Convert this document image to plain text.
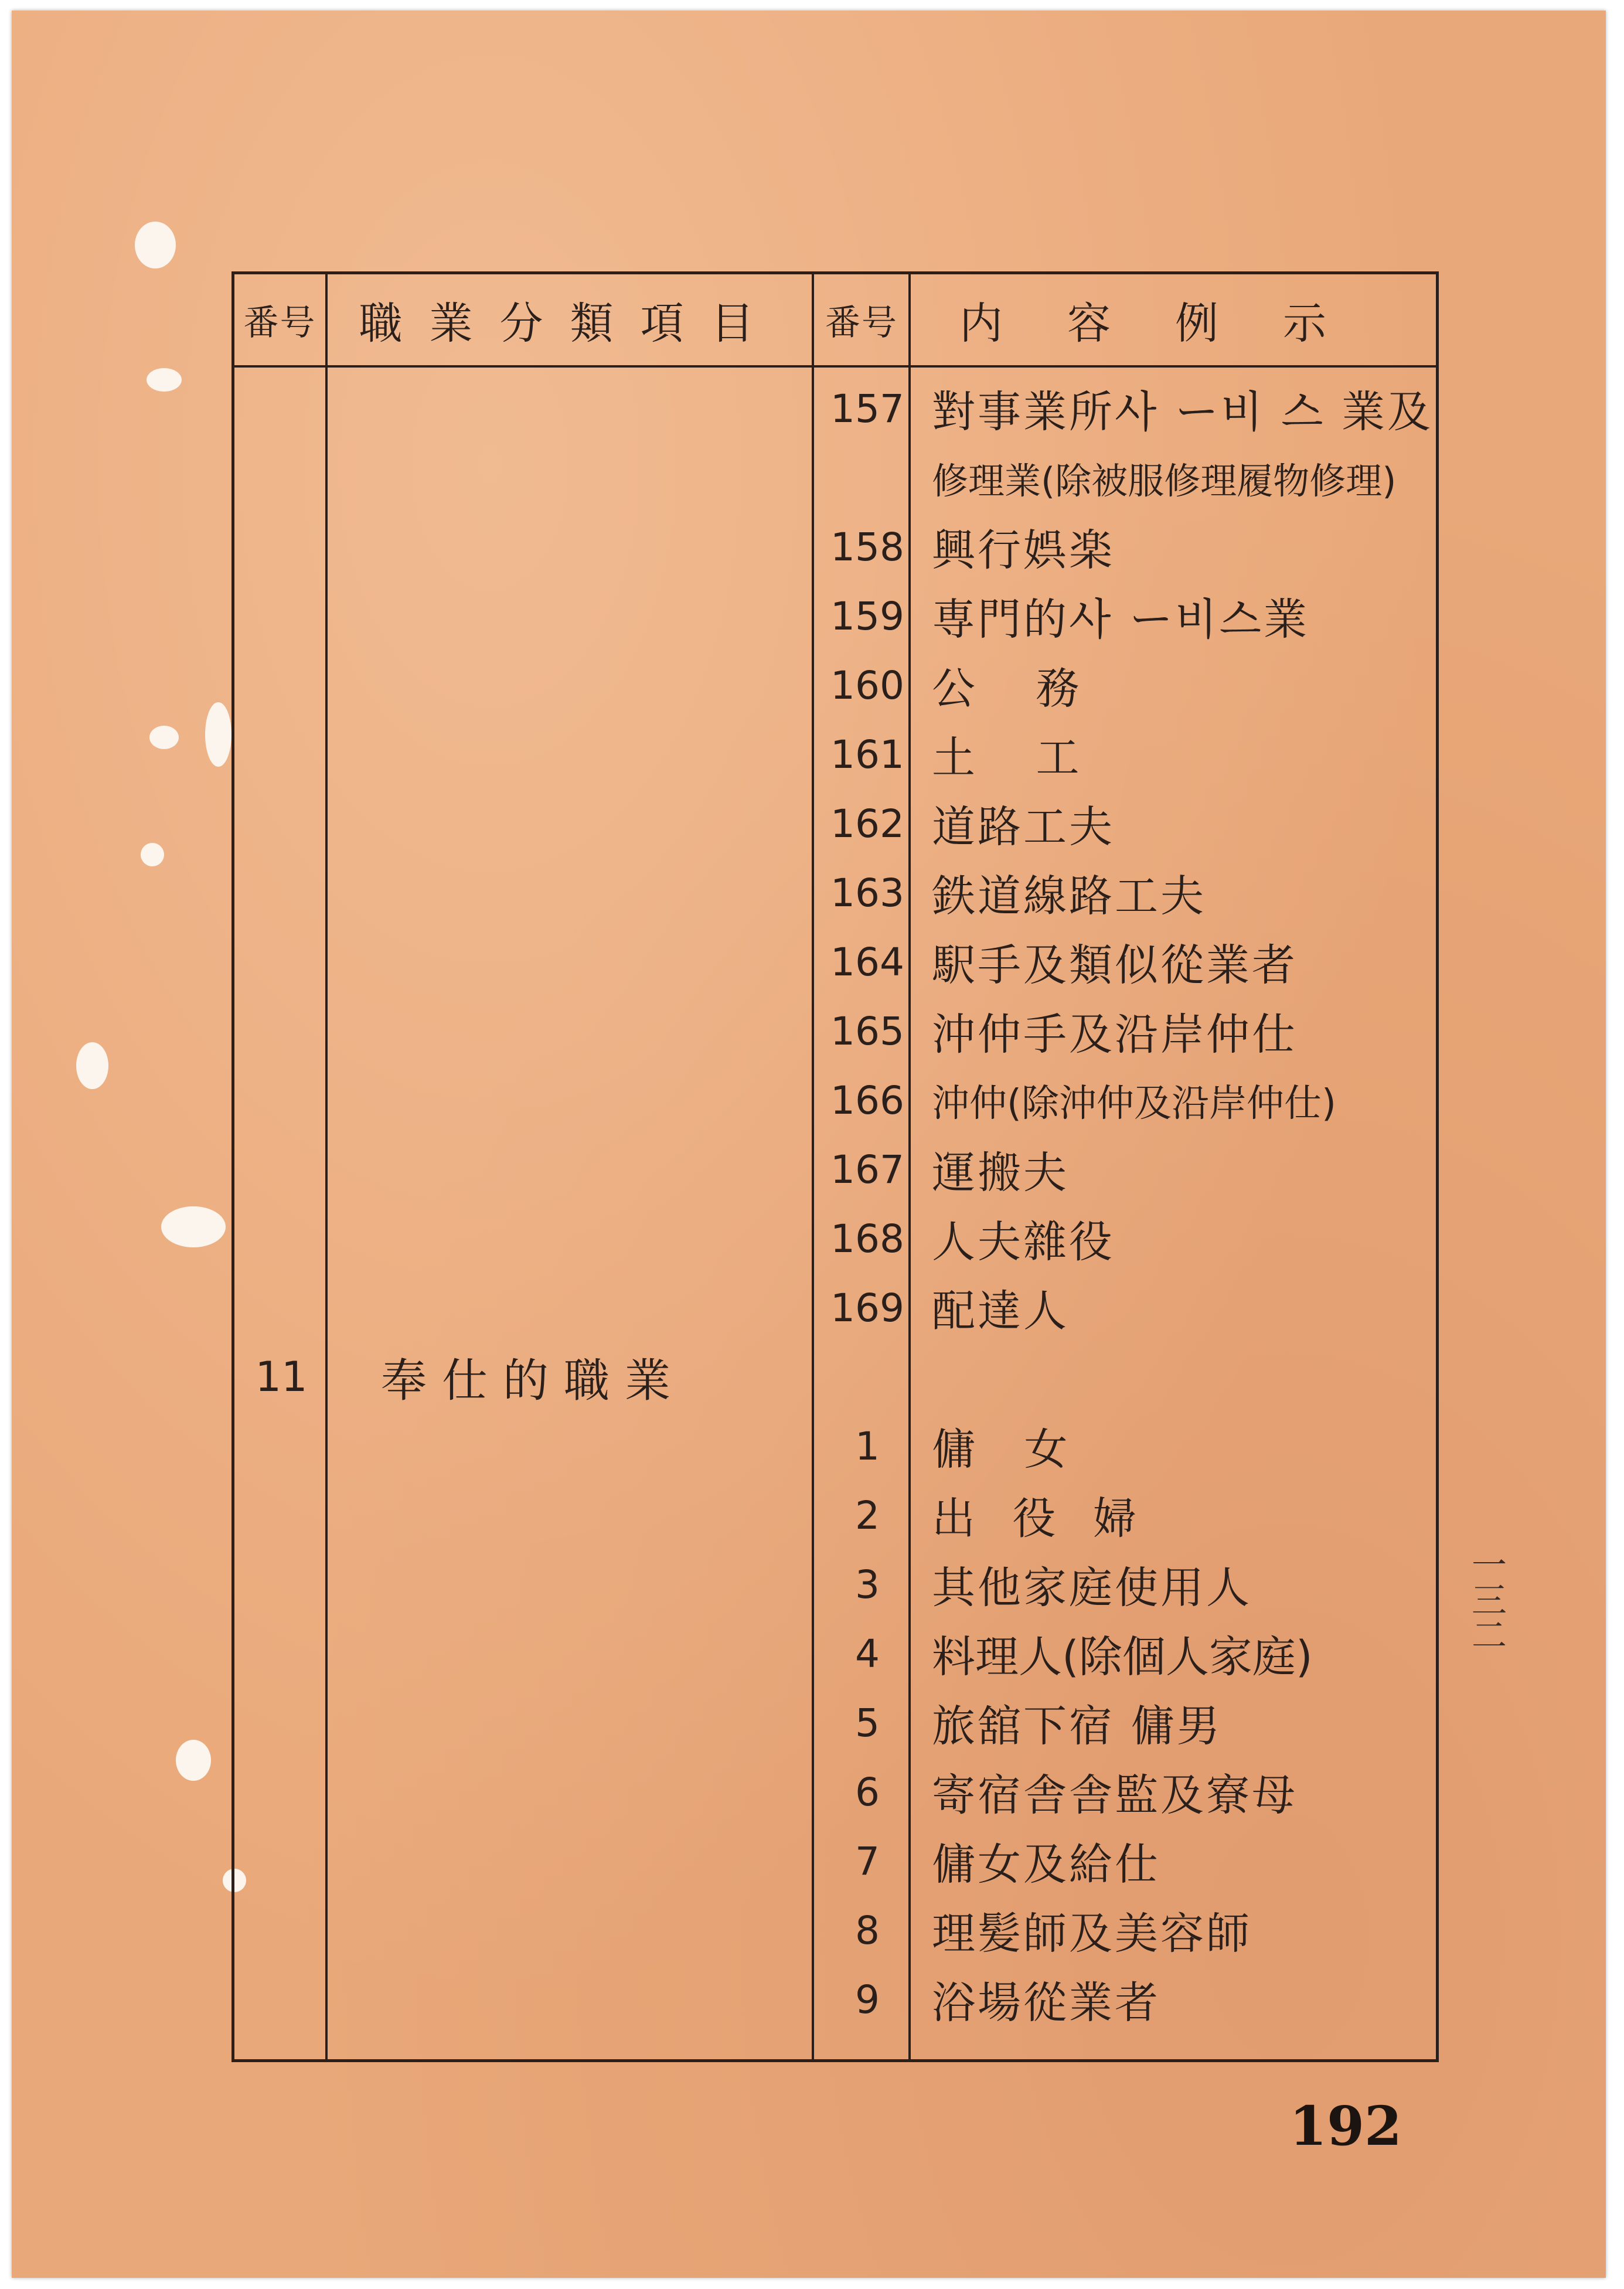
番号 職業分類項目	番号	内容例示
157 對事業所사 ー비 스 業及
修理業(除被服修理履物修理)
158 興行娯楽
159 専門的사 ー비스業
160 公 務
161 土 工
162 道路工夫
163 鉄道線路工夫
164 駅手及類似從業者
165 沖仲手及沿岸仲仕
166 沖仲(除沖仲及沿岸仲仕)
167 運搬夫
168 人夫雜役
169 配達人
11	奉仕的職業
1	傭 女
2	出 役 婦
3	其他家庭使用人
4	料理人(除個人家庭)
5	旅舘下宿 傭男
6	寄宿舎舎監及寮母
7	傭女及給仕
8	理髪師及美容師
9	浴場從業者
一三二
192
